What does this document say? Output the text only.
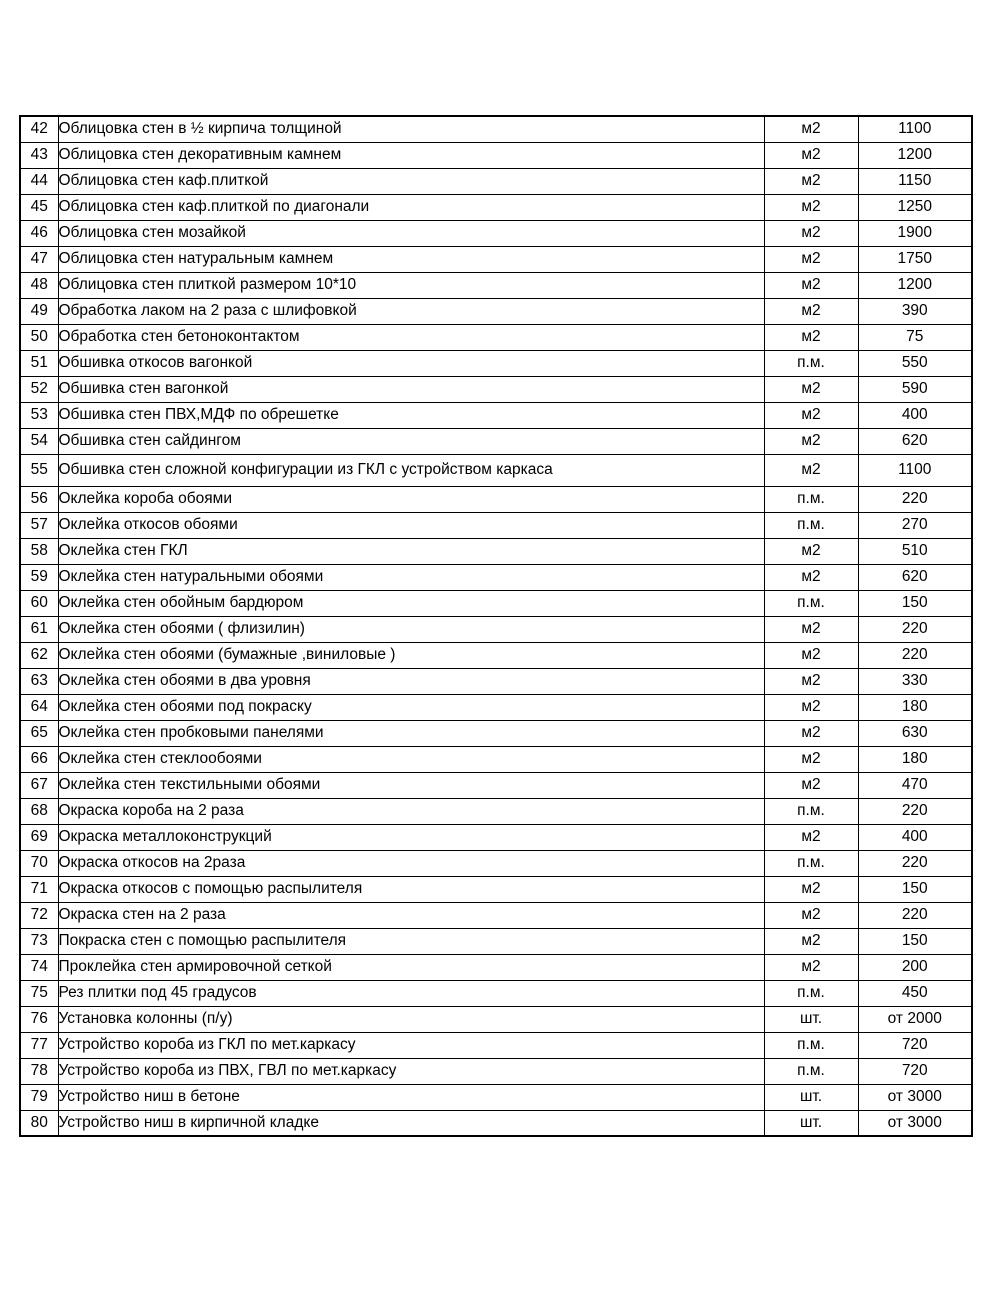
42	Облицовка стен в ½ кирпича толщиной	м2	1100
43	Облицовка стен декоративным камнем	м2	1200
44	Облицовка стен каф.плиткой	м2	1150
45	Облицовка стен каф.плиткой по диагонали	м2	1250
46	Облицовка стен мозайкой	м2	1900
47	Облицовка стен натуральным камнем	м2	1750
48	Облицовка стен плиткой размером 10*10	м2	1200
49	Обработка лаком на 2 раза с шлифовкой	м2	390
50	Обработка стен бетоноконтактом	м2	75
51	Обшивка откосов вагонкой	п.м.	550
52	Обшивка стен вагонкой	м2	590
53	Обшивка стен ПВХ,МДФ по обрешетке	м2	400
54	Обшивка стен сайдингом	м2	620
55	Обшивка стен сложной конфигурации из ГКЛ с устройством каркаса	м2	1100
56	Оклейка короба обоями	п.м.	220
57	Оклейка откосов обоями	п.м.	270
58	Оклейка стен ГКЛ	м2	510
59	Оклейка стен натуральными обоями	м2	620
60	Оклейка стен обойным бардюром	п.м.	150
61	Оклейка стен обоями ( флизилин)	м2	220
62	Оклейка стен обоями (бумажные ,виниловые )	м2	220
63	Оклейка стен обоями в два уровня	м2	330
64	Оклейка стен обоями под покраску	м2	180
65	Оклейка стен пробковыми панелями	м2	630
66	Оклейка стен стеклообоями	м2	180
67	Оклейка стен текстильными обоями	м2	470
68	Окраска короба на 2 раза	п.м.	220
69	Окраска металлоконструкций	м2	400
70	Окраска откосов на 2раза	п.м.	220
71	Окраска откосов с помощью распылителя	м2	150
72	Окраска стен на 2 раза	м2	220
73	Покраска стен с помощью распылителя	м2	150
74	Проклейка стен армировочной сеткой	м2	200
75	Рез плитки под 45 градусов	п.м.	450
76	Установка колонны (п/у)	шт.	от 2000
77	Устройство короба из ГКЛ по мет.каркасу	п.м.	720
78	Устройство короба из ПВХ, ГВЛ по мет.каркасу	п.м.	720
79	Устройство ниш в бетоне	шт.	от 3000
80	Устройство ниш в кирпичной кладке	шт.	от 3000
